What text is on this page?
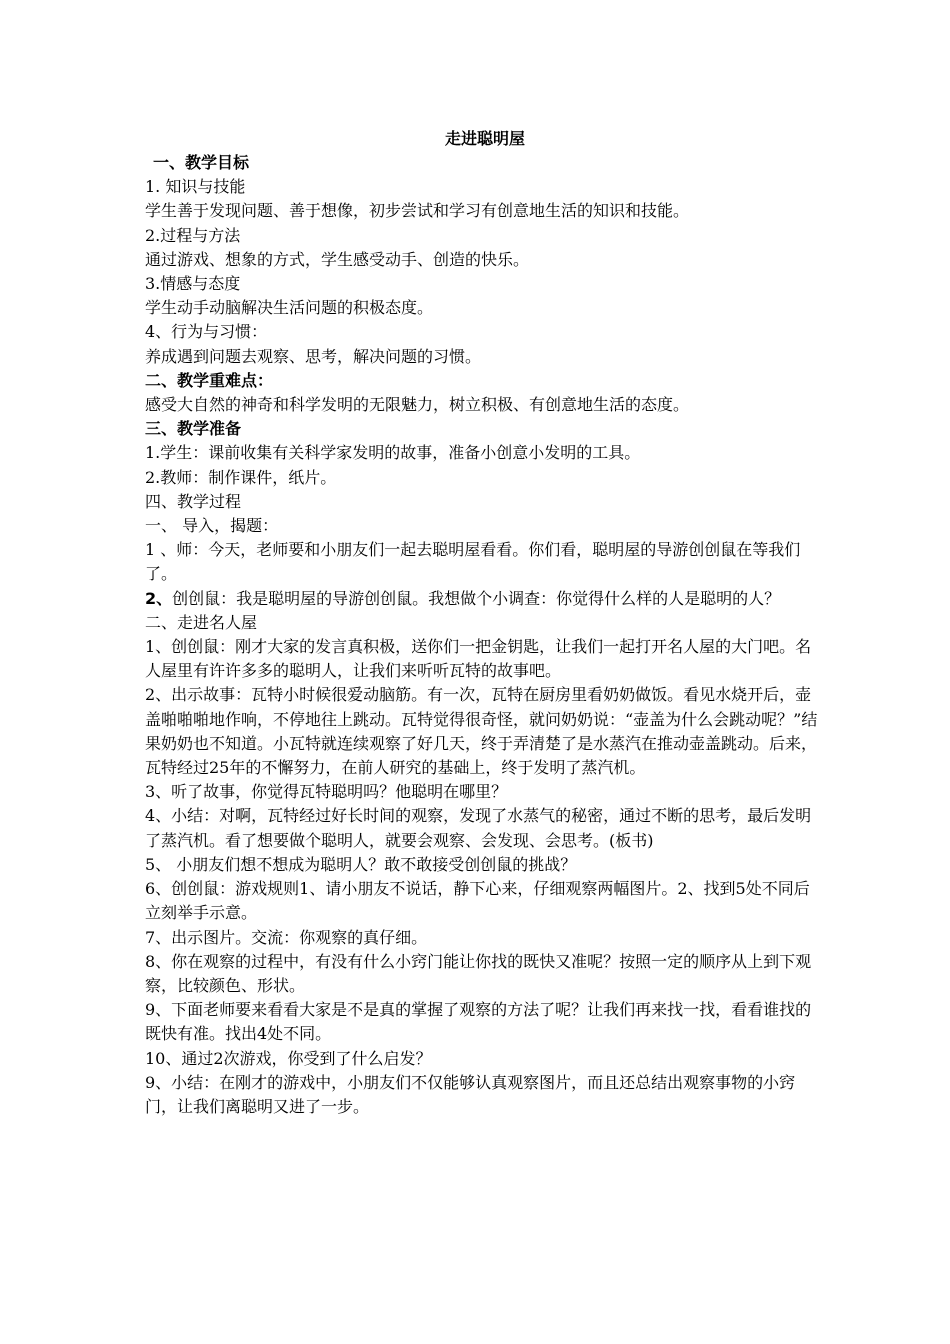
走进聪明屋
一、教学目标
1. 知识与技能
学生善于发现问题、善于想像，初步尝试和学习有创意地生活的知识和技能。
2.过程与方法
通过游戏、想象的方式，学生感受动手、创造的快乐。
3.情感与态度
学生动手动脑解决生活问题的积极态度。
4、行为与习惯：
养成遇到问题去观察、思考，解决问题的习惯。
二、教学重难点：
感受大自然的神奇和科学发明的无限魅力，树立积极、有创意地生活的态度。
三、教学准备
1.学生：课前收集有关科学家发明的故事，准备小创意小发明的工具。
2.教师：制作课件，纸片。
四、教学过程
一、 导入，揭题：
1 、师：今天，老师要和小朋友们一起去聪明屋看看。你们看，聪明屋的导游创创鼠在等我们了。
2、创创鼠：我是聪明屋的导游创创鼠。我想做个小调查：你觉得什么样的人是聪明的人？
二、走进名人屋
1、创创鼠：刚才大家的发言真积极，送你们一把金钥匙，让我们一起打开名人屋的大门吧。名人屋里有许许多多的聪明人，让我们来听听瓦特的故事吧。
2、出示故事：瓦特小时候很爱动脑筋。有一次，瓦特在厨房里看奶奶做饭。看见水烧开后，壶盖啪啪啪地作响，不停地往上跳动。瓦特觉得很奇怪，就问奶奶说：“壶盖为什么会跳动呢？”结果奶奶也不知道。小瓦特就连续观察了好几天，终于弄清楚了是水蒸汽在推动壶盖跳动。后来，瓦特经过25年的不懈努力，在前人研究的基础上，终于发明了蒸汽机。
3、听了故事，你觉得瓦特聪明吗？他聪明在哪里？
4、小结：对啊，瓦特经过好长时间的观察，发现了水蒸气的秘密，通过不断的思考，最后发明了蒸汽机。看了想要做个聪明人，就要会观察、会发现、会思考。(板书)
5、 小朋友们想不想成为聪明人？敢不敢接受创创鼠的挑战？
6、创创鼠：游戏规则1、请小朋友不说话，静下心来，仔细观察两幅图片。2、找到5处不同后立刻举手示意。
7、出示图片。交流：你观察的真仔细。
8、你在观察的过程中，有没有什么小窍门能让你找的既快又准呢？按照一定的顺序从上到下观察，比较颜色、形状。
9、下面老师要来看看大家是不是真的掌握了观察的方法了呢？让我们再来找一找，看看谁找的既快有准。找出4处不同。
10、通过2次游戏，你受到了什么启发？
9、小结：在刚才的游戏中，小朋友们不仅能够认真观察图片，而且还总结出观察事物的小窍门，让我们离聪明又进了一步。
